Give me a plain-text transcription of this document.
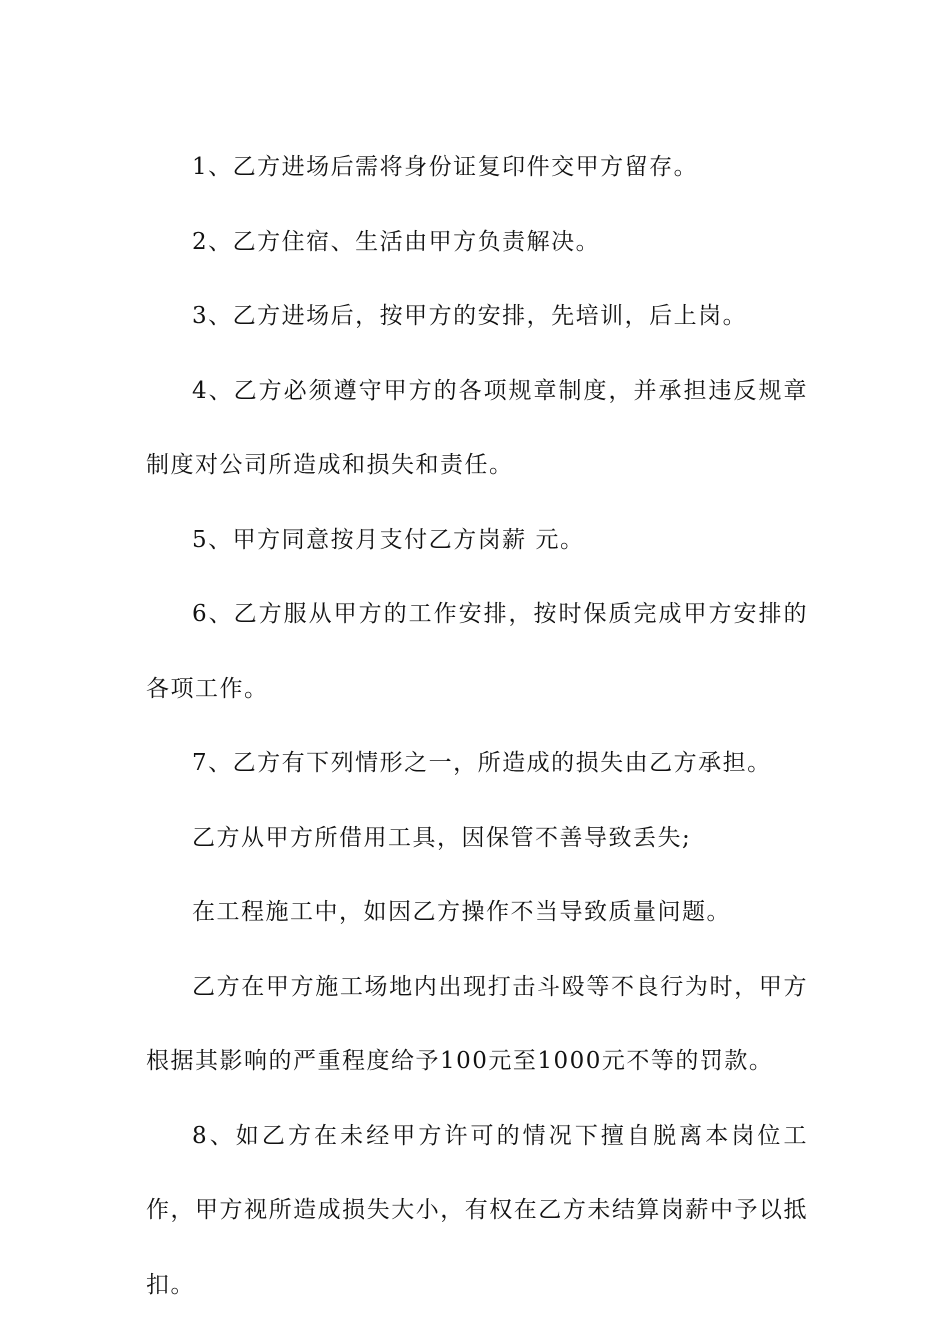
1、乙方进场后需将身份证复印件交甲方留存。

2、乙方住宿、生活由甲方负责解决。

3、乙方进场后，按甲方的安排，先培训，后上岗。

4、乙方必须遵守甲方的各项规章制度，并承担违反规章制度对公司所造成和损失和责任。

5、甲方同意按月支付乙方岗薪 元。

6、乙方服从甲方的工作安排，按时保质完成甲方安排的各项工作。

7、乙方有下列情形之一，所造成的损失由乙方承担。

乙方从甲方所借用工具，因保管不善导致丢失;

在工程施工中，如因乙方操作不当导致质量问题。

乙方在甲方施工场地内出现打击斗殴等不良行为时，甲方根据其影响的严重程度给予100元至1000元不等的罚款。

8、如乙方在未经甲方许可的情况下擅自脱离本岗位工作，甲方视所造成损失大小，有权在乙方未结算岗薪中予以抵扣。
